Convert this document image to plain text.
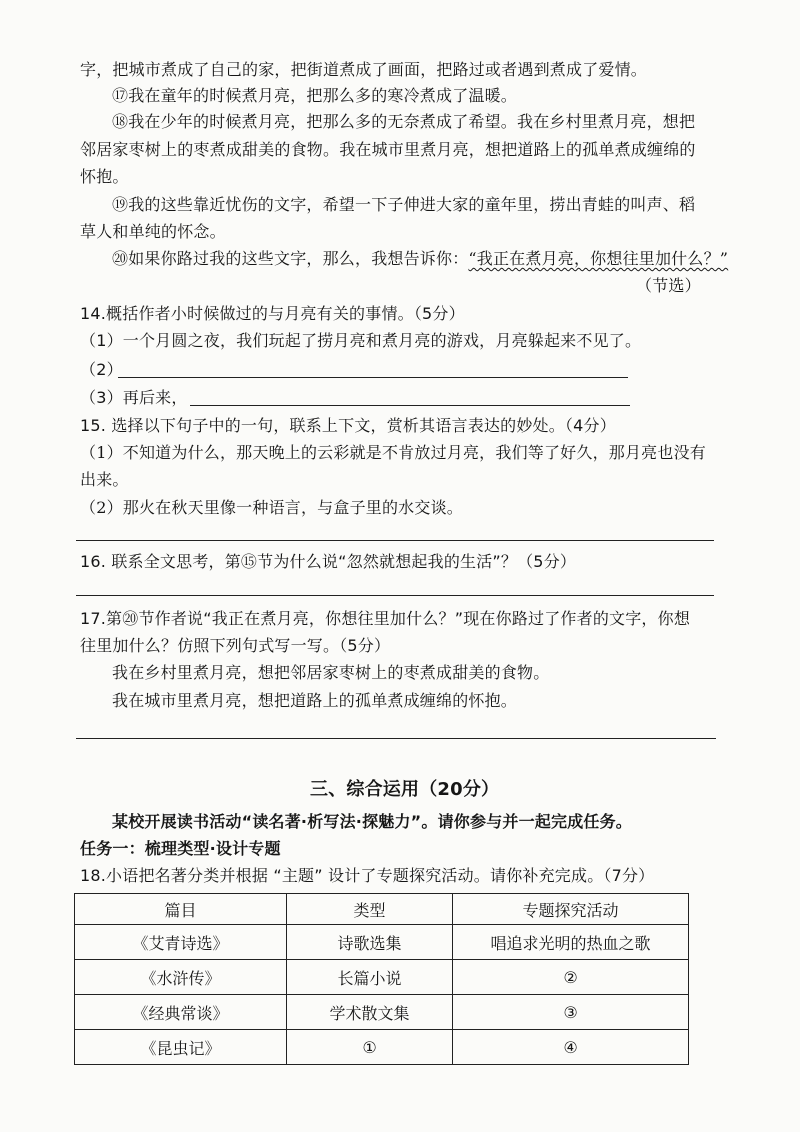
字，把城市煮成了自己的家，把街道煮成了画面，把路过或者遇到煮成了爱情。
⑰我在童年的时候煮月亮，把那么多的寒冷煮成了温暖。
⑱我在少年的时候煮月亮，把那么多的无奈煮成了希望。我在乡村里煮月亮，想把
邻居家枣树上的枣煮成甜美的食物。我在城市里煮月亮，想把道路上的孤单煮成缠绵的
怀抱。
⑲我的这些靠近忧伤的文字，希望一下子伸进大家的童年里，捞出青蛙的叫声、稻
草人和单纯的怀念。
⑳如果你路过我的这些文字，那么，我想告诉你：“我正在煮月亮，你想往里加什么？”
（节选）
14.概括作者小时候做过的与月亮有关的事情。（5分）
（1）一个月圆之夜，我们玩起了捞月亮和煮月亮的游戏，月亮躲起来不见了。
（2）
（3）再后来，
15. 选择以下句子中的一句，联系上下文，赏析其语言表达的妙处。（4分）
（1）不知道为什么，那天晚上的云彩就是不肯放过月亮，我们等了好久，那月亮也没有
出来。
（2）那火在秋天里像一种语言，与盒子里的水交谈。
16. 联系全文思考，第⑮节为什么说“忽然就想起我的生活”？（5分）
17.第⑳节作者说“我正在煮月亮，你想往里加什么？”现在你路过了作者的文字，你想
往里加什么？仿照下列句式写一写。（5分）
我在乡村里煮月亮，想把邻居家枣树上的枣煮成甜美的食物。
我在城市里煮月亮，想把道路上的孤单煮成缠绵的怀抱。
三、综合运用（20分）
某校开展读书活动“读名著·析写法·探魅力”。请你参与并一起完成任务。
任务一：梳理类型·设计专题
18.小语把名著分类并根据 “主题” 设计了专题探究活动。请你补充完成。（7分）
篇目	类型	专题探究活动
《艾青诗选》	诗歌选集	唱追求光明的热血之歌
《水浒传》	长篇小说	②
《经典常谈》	学术散文集	③
《昆虫记》	①	④
